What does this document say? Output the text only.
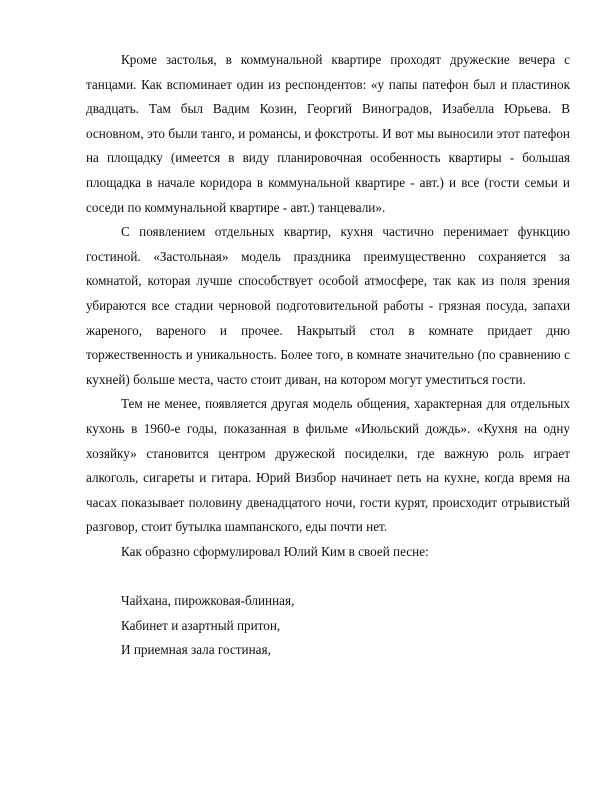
Кроме застолья, в коммунальной квартире проходят дружеские вечера с танцами. Как вспоминает один из респондентов: «у папы патефон был и пластинок двадцать. Там был Вадим Козин, Георгий Виноградов, Изабелла Юрьева. В основном, это были танго, и романсы, и фокстроты. И вот мы выносили этот патефон на площадку (имеется в виду планировочная особенность квартиры - большая площадка в начале коридора в коммунальной квартире - авт.) и все (гости семьи и соседи по коммунальной квартире - авт.) танцевали».

С появлением отдельных квартир, кухня частично перенимает функцию гостиной. «Застольная» модель праздника преимущественно сохраняется за комнатой, которая лучше способствует особой атмосфере, так как из поля зрения убираются все стадии черновой подготовительной работы - грязная посуда, запахи жареного, вареного и прочее. Накрытый стол в комнате придает дню торжественность и уникальность. Более того, в комнате значительно (по сравнению с кухней) больше места, часто стоит диван, на котором могут уместиться гости.

Тем не менее, появляется другая модель общения, характерная для отдельных кухонь в 1960-е годы, показанная в фильме «Июльский дождь». «Кухня на одну хозяйку» становится центром дружеской посиделки, где важную роль играет алкоголь, сигареты и гитара. Юрий Визбор начинает петь на кухне, когда время на часах показывает половину двенадцатого ночи, гости курят, происходит отрывистый разговор, стоит бутылка шампанского, еды почти нет.

Как образно сформулировал Юлий Ким в своей песне:

Чайхана, пирожковая-блинная,

Кабинет и азартный притон,

И приемная зала гостиная,
